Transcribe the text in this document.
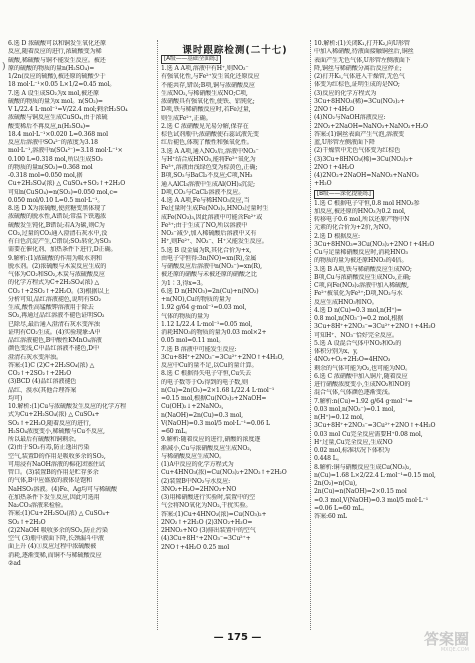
)

6.选 D 浓硫酸可以和铜发生氧化还原

反应,随着反应的进行,浓硫酸变为稀

硫酸,稀硫酸与铜不能发生反应。被还

原的硫酸的物质的量n(H₂SO₄)=

1/2n(反应的硫酸),被还原的硫酸少于

18 mol·L⁻¹×0.05 L×1/2=0.45 mol。

7.选 A 设生成SO₂为x mol,被还原

硫酸的物质的量为x mol。n(SO₂)=

V L/22.4 L·mol⁻¹=V/22.4 mol;剩余H₂SO₄

浓硫酸与铜反应生成CuSO₄,由于浓硫

酸变稀后不再反应,n(H₂SO₄)=

18.4 mol·L⁻¹×0.020 L=0.368 mol

反应后溶液中SO₄²⁻的浓度为3.18

mol·L⁻¹,溶液中n(SO₄²⁻)=3.18 mol·L⁻¹×

0.100 L=0.318 mol,所以生成SO₂

的物质的量n(SO₂)=0.368 mol

-0.318 mol=0.050 mol,据

Cu+2H₂SO₄(浓) △ CuSO₄+SO₂↑+2H₂O

可知n(CuSO₄)=n(SO₂)=0.050 mol,c=

0.050 mol/0.10 L=0.5 mol·L⁻¹。

8.选 D X为浓硫酸,使蔗糖变黑体现了

浓硫酸的脱水性,A错误;常温下铁遇浓

硫酸发生钝化,B错误;若A为碳,则C为

CO₂,过量的CO₂通入澄清石灰水中,没

有白色沉淀产生,C错误;SO₂转化为SO₃

需要在催化剂、加热条件下进行,D正确。

9.解析:(1)浓硫酸的作用为吸水剂和

脱水剂。(2)浓硫酸与木炭反应生成的

气体为CO₂和SO₂,木炭与浓硫酸反应

的化学方程式为C+2H₂SO₄(浓) △

CO₂↑+2SO₂↑+2H₂O。(3)根据以上

分析可知,品红溶液褪色,说明有SO₂

生成,酸性高锰酸钾溶液用于除去

SO₂,再通过品红溶液不褪色证明SO₂

已除尽,最后通入澄清石灰水变浑浊

证明有CO₂生成。(4)实验现象:A中

品红溶液褪色,B中酸性KMnO₄溶液

颜色变浅,C中品红溶液不褪色,D中

澄清石灰水变浑浊。

答案:(1)C (2)C+2H₂SO₄(浓) △

CO₂↑+2SO₂↑+2H₂O

(3)BCD (4)品红溶液褪色

品红、溴水(其他合理答案

均可)

10.解析:(1)Cu与浓硫酸发生反应的化学方程

式为Cu+2H₂SO₄(浓) △ CuSO₄+

SO₂↑+2H₂O,随着反应的进行,

H₂SO₄浓度变小,稀硫酸与Cu不反应,

所以最后有硫酸和铜剩余。

(2)由于SO₂有毒,防止逸出污染

空气,装置D的作用是吸收多余的SO₂,

可用浸有NaOH溶液的棉花团塞住试

管口。(3)装置B的作用是贮存多余

的气体,B中应盛放的液体是饱和

NaHSO₃溶液。(4)Fe、Ag均可与稀硫酸

在加热条件下发生反应,因此可选用

Na₂CO₃溶液来检验。

答案:(1)Cu+2H₂SO₄(浓) △ CuSO₄+

SO₂↑+2H₂O

(2)2NaOH 吸收多余的SO₂,防止污染

空气 (3)瓶中液面下降,长颈漏斗中液

面上升 (4)①反应过程中浓硫酸被

消耗,逐渐变稀,而铜不与稀硫酸反应

②ad

[A级——基础全面练]

1.选 A A项,溶液中有H⁺,则NO₃⁻

有强氧化性,与Fe²⁺发生氧化还原反应

不能共存,错误;B项,铜与浓硝酸反应

生成NO₂,与稀硝酸生成NO;C项,

浓硝酸具有强氧化性,使铁、铝钝化;

D项,铁与稀硝酸反应时,若Fe过量,

则生成Fe²⁺,正确。

2.选 C 浓硝酸见光易分解,保存在

棕色试剂瓶中;浓硝酸使石蕊试液先变

红后褪色,体现了酸性和强氧化性。

3.选 A A项,通入NO₂后,溶液中NO₃⁻

与H⁺结合成HNO₃,能将Fe²⁺氧化为

Fe³⁺,溶液由浅绿色变为棕黄色,正确;

B项,SO₂与BaCl₂不反应;C项,NH₃

通入AlCl₃溶液中生成Al(OH)₃沉淀;

D项,CO₂与CaCl₂溶液不反应。

4.选 A A项,Fe与稀HNO₃反应,当

Fe过量时生成Fe(NO₃)₂,HNO₃过量时生

成Fe(NO₃)₃,因此溶液中可能含Fe²⁺或

Fe³⁺;由于生成了NO,所以溶液中

NO₃⁻减少,加入稀硫酸后溶液中又有

H⁺,则Fe²⁺、NO₃⁻、H⁺又能发生反应。

5.选 B 设金属为R,其化合价为+x,

由电子守恒得:3n(NO)=xn(R),金属

与硝酸反应后溶液中n(NO₃⁻)=xn(R),

被还原的硝酸与未被还原的硝酸之比

为1∶3,得x=3。

6.选 D n(HNO₃)=2n(Cu)+n(NO₂)

+n(NO),Cu的物质的量为

1.92 g/64 g·mol⁻¹=0.03 mol,

气体的物质的量为

1.12 L/22.4 L·mol⁻¹=0.05 mol,

消耗HNO₃的物质的量为0.03 mol×2+

0.05 mol=0.11 mol。

7.选 B 溶液中可能发生反应:

3Cu+8H⁺+2NO₃⁻=3Cu²⁺+2NO↑+4H₂O,

反应中Cu的量不足,以Cu的量计算。

8.选 C 根据得失电子守恒,Cu失去

的电子数等于O₂得到的电子数,则

n(Cu)=2n(O₂)=2×1.68 L/22.4 L·mol⁻¹

=0.15 mol,根据Cu(NO₃)₂+2NaOH=

Cu(OH)₂↓+2NaNO₃,

n(NaOH)=2n(Cu)=0.3 mol,

V(NaOH)=0.3 mol/5 mol·L⁻¹=0.06 L

=60 mL。

9.解析:随着反应的进行,硝酸的浓度逐

渐减小,Cu与浓硝酸反应生成NO₂,

与稀硝酸反应生成NO。

(1)A中反应的化学方程式为

Cu+4HNO₃(浓)=Cu(NO₃)₂+2NO₂↑+2H₂O

(2)装置B中NO₂与水反应:

3NO₂+H₂O=2HNO₃+NO

(3)用稀硝酸进行实验时,装置中的空

气会将NO氧化为NO₂,干扰实验。

答案:(1)Cu+4HNO₃(浓)=Cu(NO₃)₂+

2NO₂↑+2H₂O (2)3NO₂+H₂O=

2HNO₃+NO (3)排出装置中的空气

(4)3Cu+8H⁺+2NO₃⁻=3Cu²⁺+

2NO↑+4H₂O 0.25 mol

课时跟踪检测(二十七)

10.解析:(1)关闭K₁,打开K₂,向U形管

中加入稀硝酸,待液面接触铜丝后,铜丝

表面产生无色气体,U形管左侧液面下

降,铜丝与稀硝酸分离后反应停止;

(2)打开K₁,气体进入干燥管,无色气

体变为红棕色,证明生成的是NO;

(3)反应的化学方程式为

3Cu+8HNO₃(稀)=3Cu(NO₃)₂+

2NO↑+4H₂O

(4)NO₂与NaOH溶液反应:

2NO₂+2NaOH=NaNO₃+NaNO₂+H₂O

答案:(1)铜丝表面产生气泡,溶液变

蓝,U形管左侧液面下降

(2)干燥管中无色气体变为红棕色

(3)3Cu+8HNO₃(稀)=3Cu(NO₃)₂+

2NO↑+4H₂O

(4)2NO₂+2NaOH=NaNO₃+NaNO₂

+H₂O

[B级——深化提能练]

1.选 C 根据电子守恒,0.8 mol HNO₃参

加反应,被还原的HNO₃为0.2 mol,

转移电子0.6 mol,所以还原产物中N

元素的化合价为+2价,为NO。

2.选 D 根据反应:

3Cu+8HNO₃=3Cu(NO₃)₂+2NO↑+4H₂O

Cu与足量稀硝酸反应时,消耗HNO₃

的物质的量为被还原HNO₃的4倍。

3.选 B A项,铁与稀硝酸反应生成NO;

B项,Cu与浓硝酸反应生成NO₂,正确;

C项,向Fe(NO₃)₂溶液中加入稀硫酸,

Fe²⁺被氧化为Fe³⁺;D项,NO₂与水

反应生成HNO₃和NO。

4.选 D n(Cu)=0.3 mol,n(H⁺)=

0.8 mol,n(NO₃⁻)=0.2 mol,根据

3Cu+8H⁺+2NO₃⁻=3Cu²⁺+2NO↑+4H₂O

可知H⁺、NO₃⁻恰好完全反应。

5.选 A 设混合气体中NO₂和O₂的

体积分别为x、y,

4NO₂+O₂+2H₂O=4HNO₃

剩余的气体可能为O₂,也可能为NO。

6.选 C 浓硝酸中加入铜片,随着反应

进行硝酸浓度变小,生成NO₂和NO的

混合气体,气体颜色逐渐变浅。

7.解析:n(Cu)=1.92 g/64 g·mol⁻¹=

0.03 mol,n(NO₃⁻)=0.1 mol,

n(H⁺)=0.12 mol,

3Cu+8H⁺+2NO₃⁻=3Cu²⁺+2NO↑+4H₂O

0.03 mol Cu完全反应需要H⁺0.08 mol,

H⁺过量,Cu完全反应,生成NO

0.02 mol,标准状况下体积为

0.448 L。

8.解析:铜与硝酸反应生成Cu(NO₃)₂,

n(Cu)=1.68 L×2/22.4 L·mol⁻¹=0.15 mol,

2n(O₂)=n(Cu),

2n(Cu)=n(NaOH)=2×0.15 mol

=0.3 mol,V(NaOH)=0.3 mol/5 mol·L⁻¹

=0.06 L=60 mL。

答案:60 mL

— 175 —	答案圈
MXQE.COM
